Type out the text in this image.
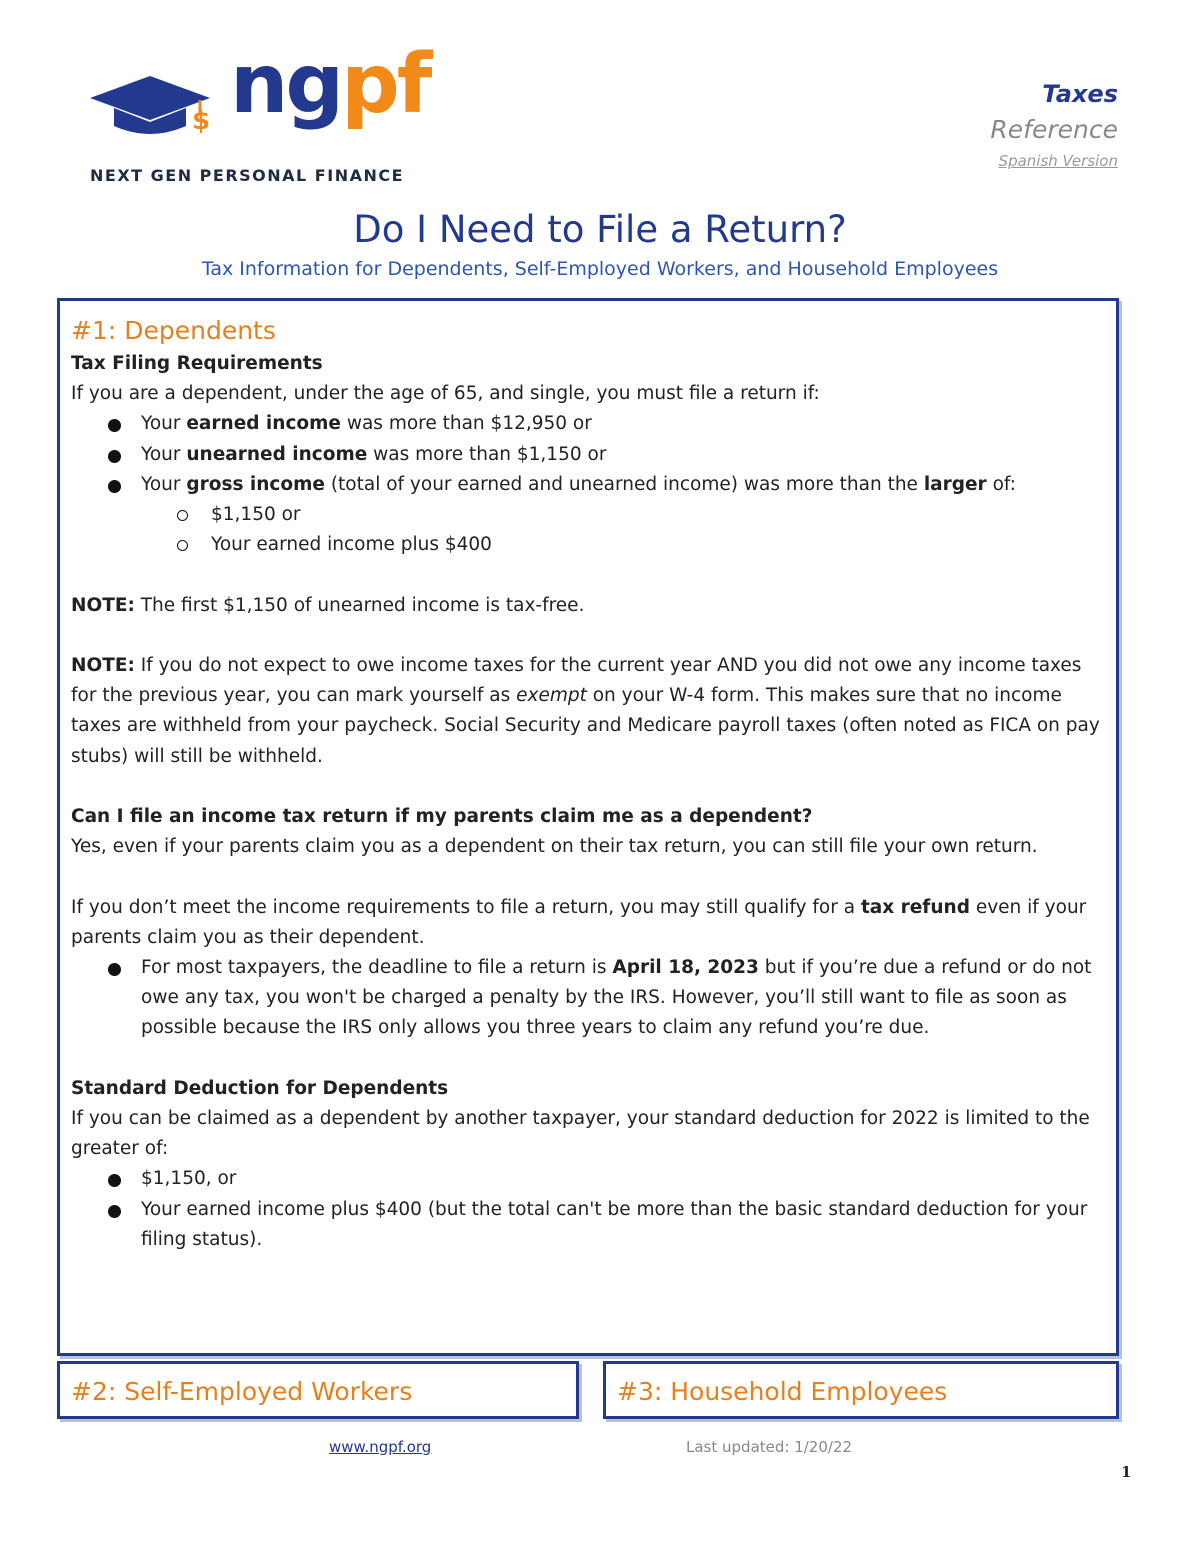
$ ngpf
NEXT GEN PERSONAL FINANCE
Taxes
Reference
Spanish Version
Do I Need to File a Return?
Tax Information for Dependents, Self-Employed Workers, and Household Employees
#1: Dependents

Tax Filing Requirements

If you are a dependent, under the age of 65, and single, you must file a return if:

Your earned income was more than $12,950 or
Your unearned income was more than $1,150 or
Your gross income (total of your earned and unearned income) was more than the larger of:
$1,150 or
Your earned income plus $400

NOTE: The first $1,150 of unearned income is tax-free.

NOTE: If you do not expect to owe income taxes for the current year AND you did not owe any income taxes for the previous year, you can mark yourself as exempt on your W-4 form. This makes sure that no income taxes are withheld from your paycheck. Social Security and Medicare payroll taxes (often noted as FICA on pay stubs) will still be withheld.

Can I file an income tax return if my parents claim me as a dependent?

Yes, even if your parents claim you as a dependent on their tax return, you can still file your own return.

If you don’t meet the income requirements to file a return, you may still qualify for a tax refund even if your parents claim you as their dependent.

For most taxpayers, the deadline to file a return is April 18, 2023 but if you’re due a refund or do not owe any tax, you won't be charged a penalty by the IRS. However, you’ll still want to file as soon as possible because the IRS only allows you three years to claim any refund you’re due.

Standard Deduction for Dependents

If you can be claimed as a dependent by another taxpayer, your standard deduction for 2022 is limited to the greater of:

$1,150, or
Your earned income plus $400 (but the total can't be more than the basic standard deduction for your filing status).
#2: Self-Employed Workers	#3: Household Employees
www.ngpf.org	Last updated: 1/20/22
1
